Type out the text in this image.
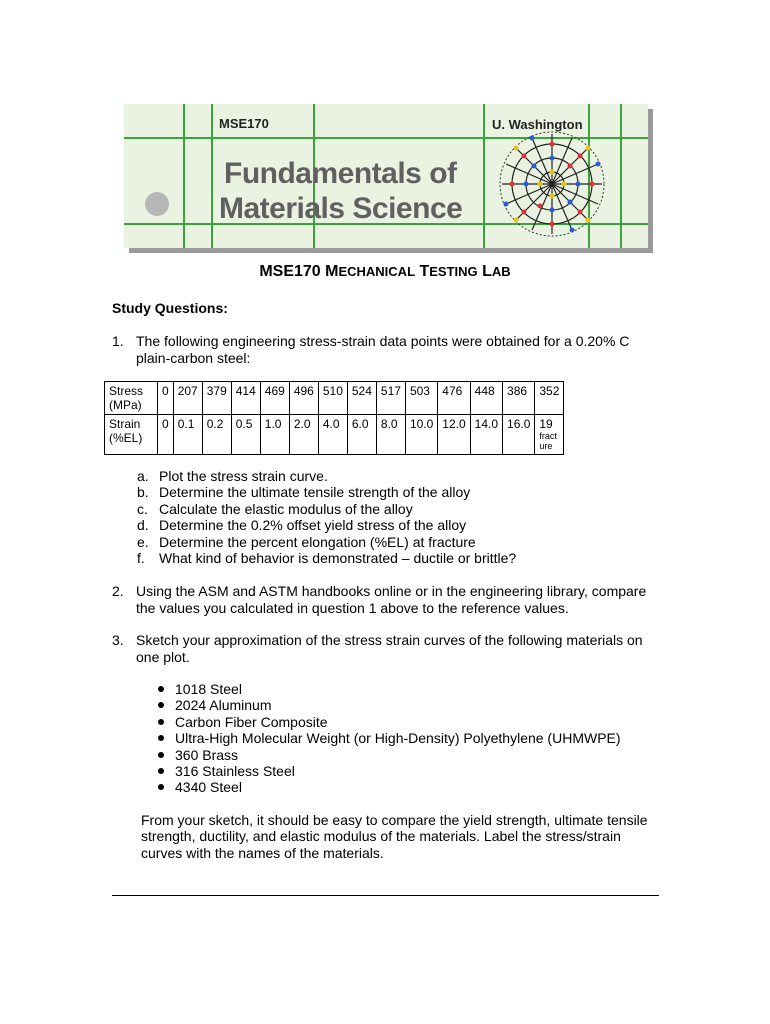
MSE170	U. Washington
Fundamentals of
Materials Science
MSE170 MECHANICAL TESTING LAB
Study Questions:
1. The following engineering stress-strain data points were obtained for a 0.20% C
plain-carbon steel:
Stress
(MPa)	0	207	379	414	469	496	510	524	517	503	476	448	386	352
Strain
(%EL)	0	0.1	0.2	0.5	1.0	2.0	4.0	6.0	8.0	10.0	12.0	14.0	16.0	19
fract
ure
a. Plot the stress strain curve.
b. Determine the ultimate tensile strength of the alloy
c. Calculate the elastic modulus of the alloy
d. Determine the 0.2% offset yield stress of the alloy
e. Determine the percent elongation (%EL) at fracture
f. What kind of behavior is demonstrated – ductile or brittle?
2. Using the ASM and ASTM handbooks online or in the engineering library, compare
the values you calculated in question 1 above to the reference values.
3. Sketch your approximation of the stress strain curves of the following materials on
one plot.
1018 Steel
2024 Aluminum
Carbon Fiber Composite
Ultra-High Molecular Weight (or High-Density) Polyethylene (UHMWPE)
360 Brass
316 Stainless Steel
4340 Steel
From your sketch, it should be easy to compare the yield strength, ultimate tensile
strength, ductility, and elastic modulus of the materials. Label the stress/strain
curves with the names of the materials.
